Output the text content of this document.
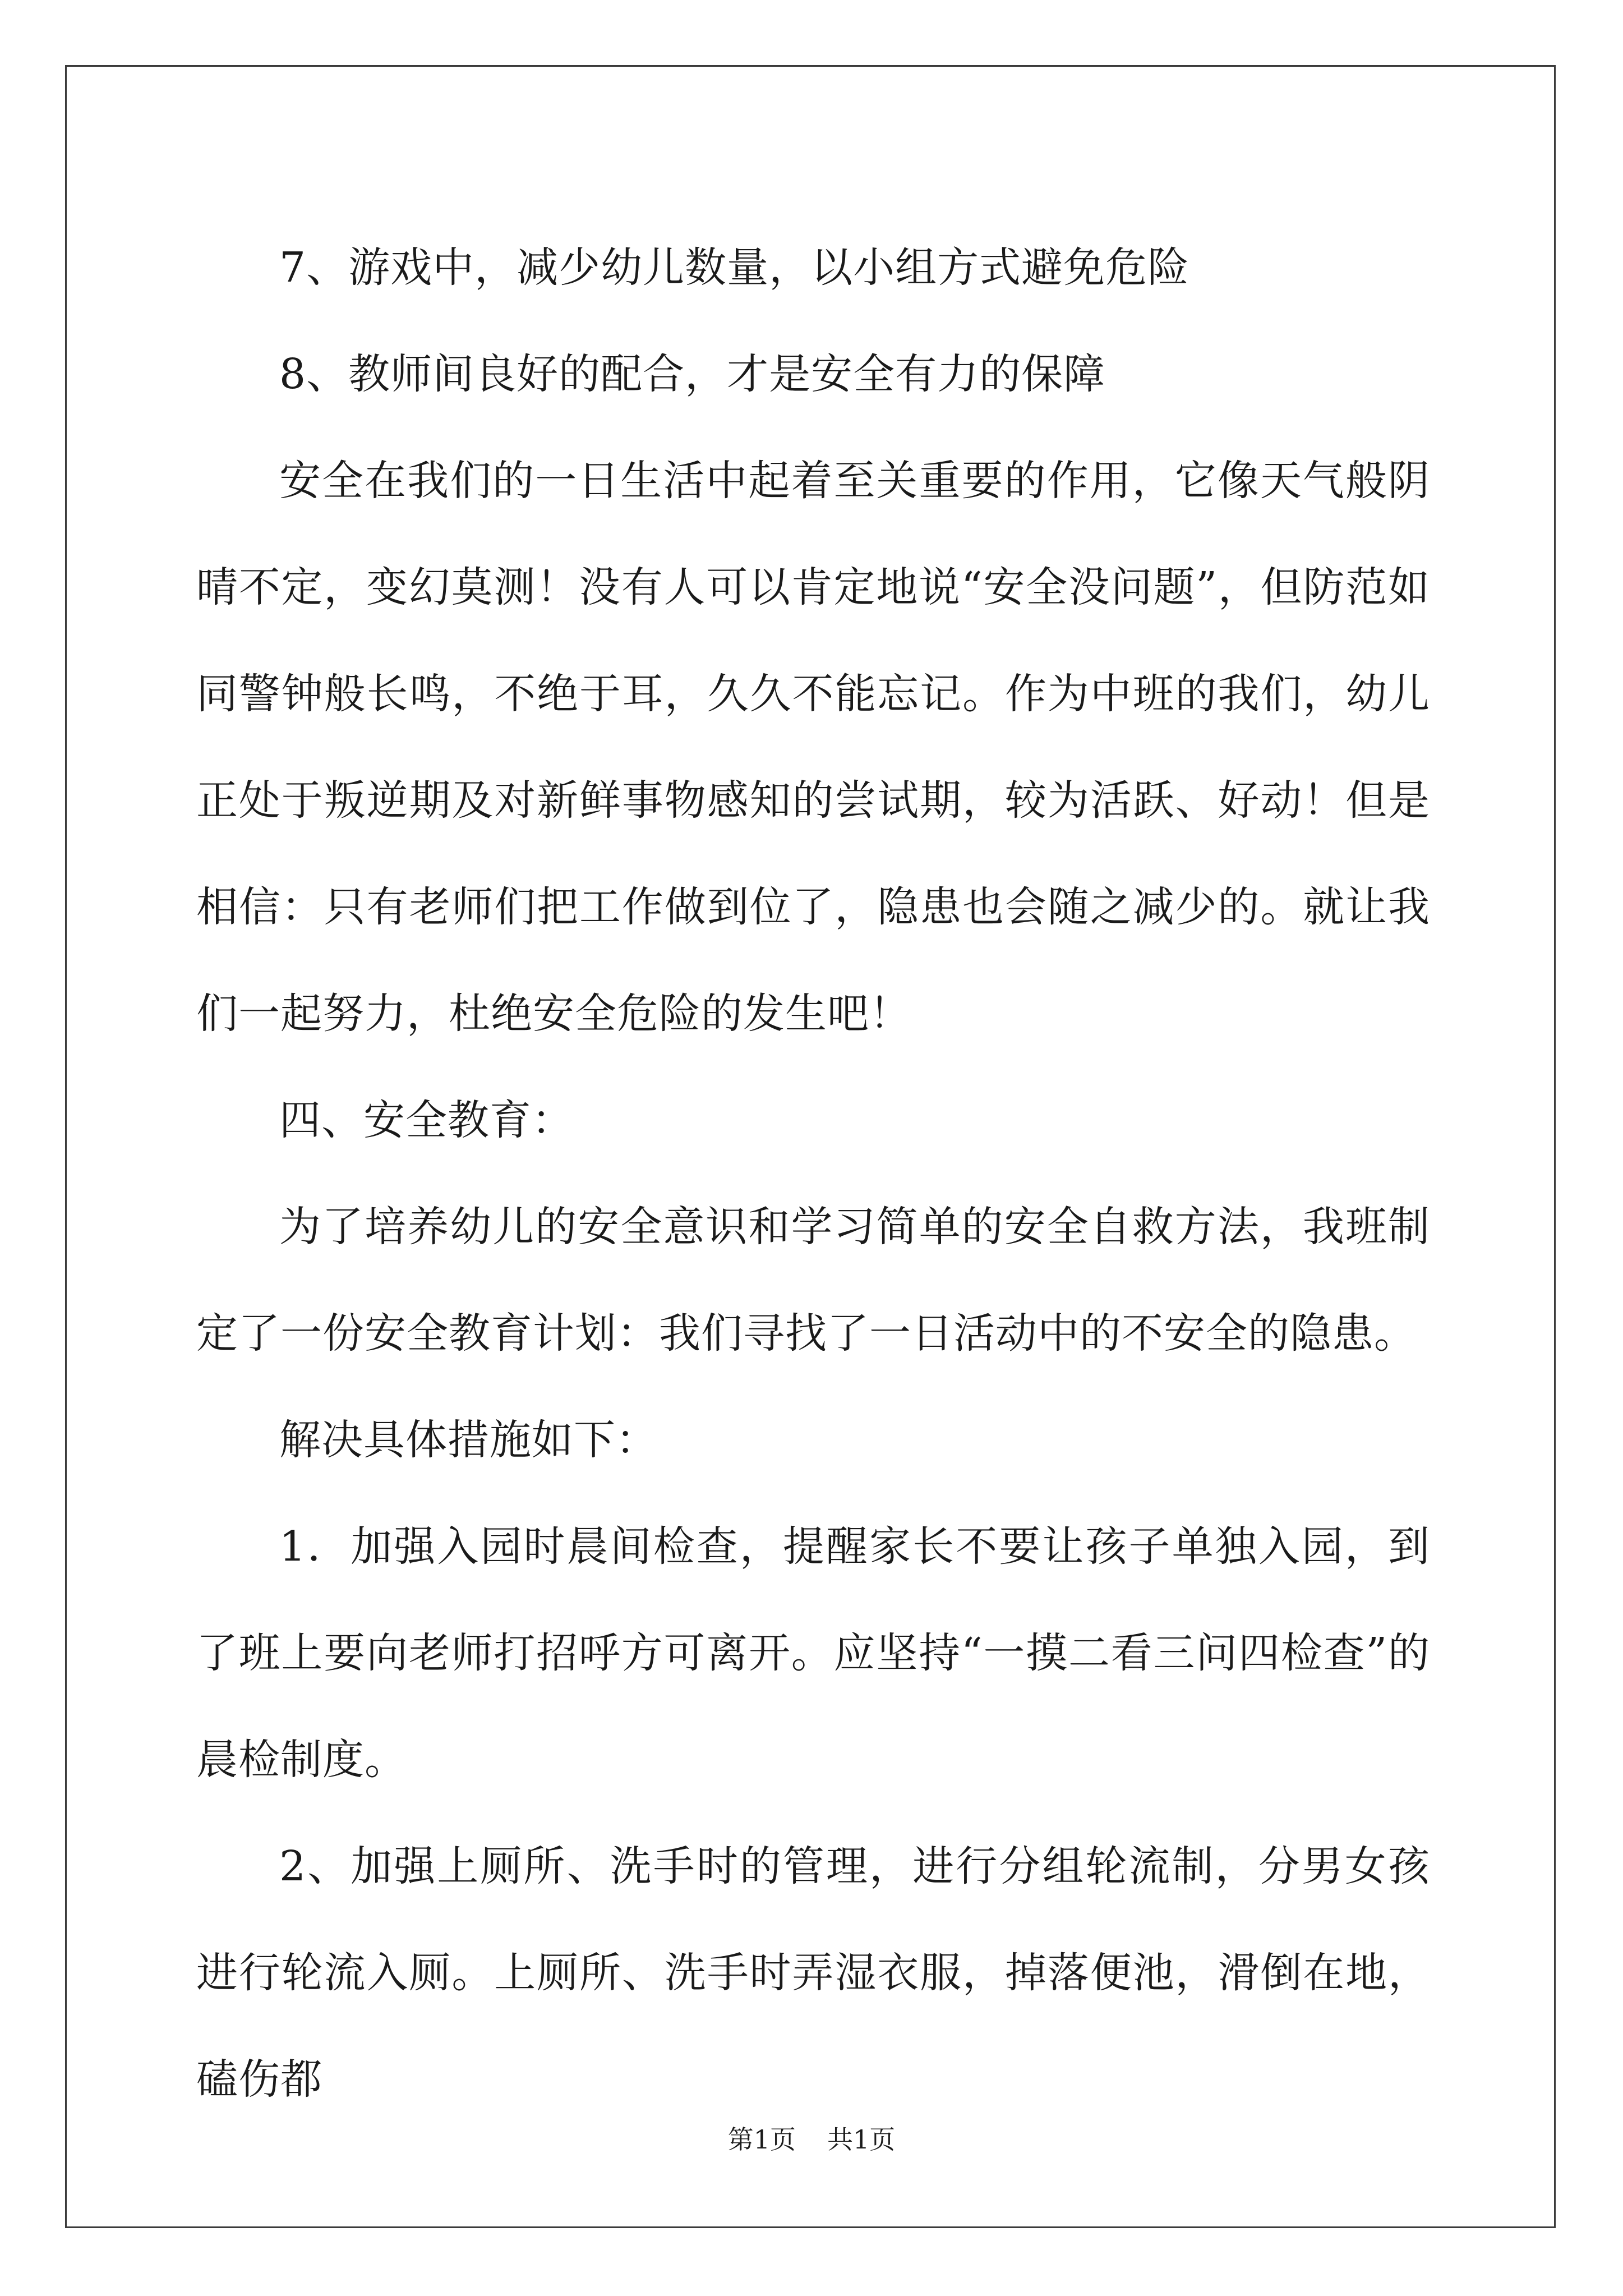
7、游戏中，减少幼儿数量，以小组方式避免危险

8、教师间良好的配合，才是安全有力的保障

安全在我们的一日生活中起着至关重要的作用，它像天气般阴晴不定，变幻莫测！没有人可以肯定地说“安全没问题”，但防范如同警钟般长鸣，不绝于耳，久久不能忘记。作为中班的我们，幼儿正处于叛逆期及对新鲜事物感知的尝试期，较为活跃、好动！但是相信：只有老师们把工作做到位了，隐患也会随之减少的。就让我们一起努力，杜绝安全危险的发生吧！

四、安全教育：

为了培养幼儿的安全意识和学习简单的安全自救方法，我班制定了一份安全教育计划：我们寻找了一日活动中的不安全的隐患。

解决具体措施如下：

1．加强入园时晨间检查，提醒家长不要让孩子单独入园，到了班上要向老师打招呼方可离开。应坚持“一摸二看三问四检查”的晨检制度。

2、加强上厕所、洗手时的管理，进行分组轮流制，分男女孩进行轮流入厕。上厕所、洗手时弄湿衣服，掉落便池，滑倒在地，磕伤都

第1页 共1页
